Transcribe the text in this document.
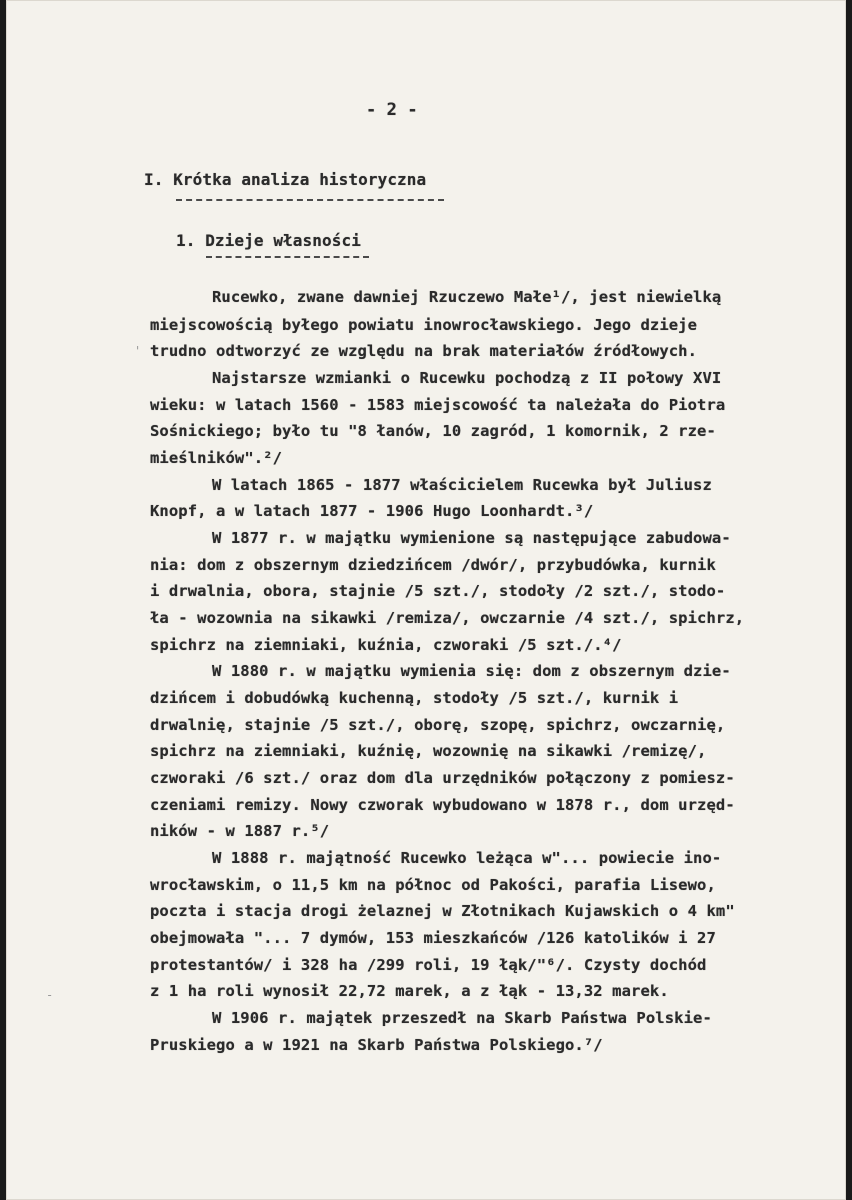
- 2 -
I. Krótka analiza historyczna
1. Dzieje własności
Rucewko, zwane dawniej Rzuczewo Małe¹/, jest niewielką
miejscowością byłego powiatu inowrocławskiego. Jego dzieje
trudno odtworzyć ze względu na brak materiałów źródłowych.
Najstarsze wzmianki o Rucewku pochodzą z II połowy XVI
wieku: w latach 1560 - 1583 miejscowość ta należała do Piotra
Sośnickiego; było tu "8 łanów, 10 zagród, 1 komornik, 2 rze-
mieślników".²/
W latach 1865 - 1877 właścicielem Rucewka był Juliusz
Knopf, a w latach 1877 - 1906 Hugo Loonhardt.³/
W 1877 r. w majątku wymienione są następujące zabudowa-
nia: dom z obszernym dziedzińcem /dwór/, przybudówka, kurnik
i drwalnia, obora, stajnie /5 szt./, stodoły /2 szt./, stodo-
ła - wozownia na sikawki /remiza/, owczarnie /4 szt./, spichrz,
spichrz na ziemniaki, kuźnia, czworaki /5 szt./.⁴/
W 1880 r. w majątku wymienia się: dom z obszernym dzie-
dzińcem i dobudówką kuchenną, stodoły /5 szt./, kurnik i
drwalnię, stajnie /5 szt./, oborę, szopę, spichrz, owczarnię,
spichrz na ziemniaki, kuźnię, wozownię na sikawki /remizę/,
czworaki /6 szt./ oraz dom dla urzędników połączony z pomiesz-
czeniami remizy. Nowy czworak wybudowano w 1878 r., dom urzęd-
ników - w 1887 r.⁵/
W 1888 r. majątność Rucewko leżąca w"... powiecie ino-
wrocławskim, o 11,5 km na północ od Pakości, parafia Lisewo,
poczta i stacja drogi żelaznej w Złotnikach Kujawskich o 4 km"
obejmowała "... 7 dymów, 153 mieszkańców /126 katolików i 27
protestantów/ i 328 ha /299 roli, 19 łąk/"⁶/. Czysty dochód
z 1 ha roli wynosił 22,72 marek, a z łąk - 13,32 marek.
W 1906 r. majątek przeszedł na Skarb Państwa Polskie-
Pruskiego a w 1921 na Skarb Państwa Polskiego.⁷/
'
-
